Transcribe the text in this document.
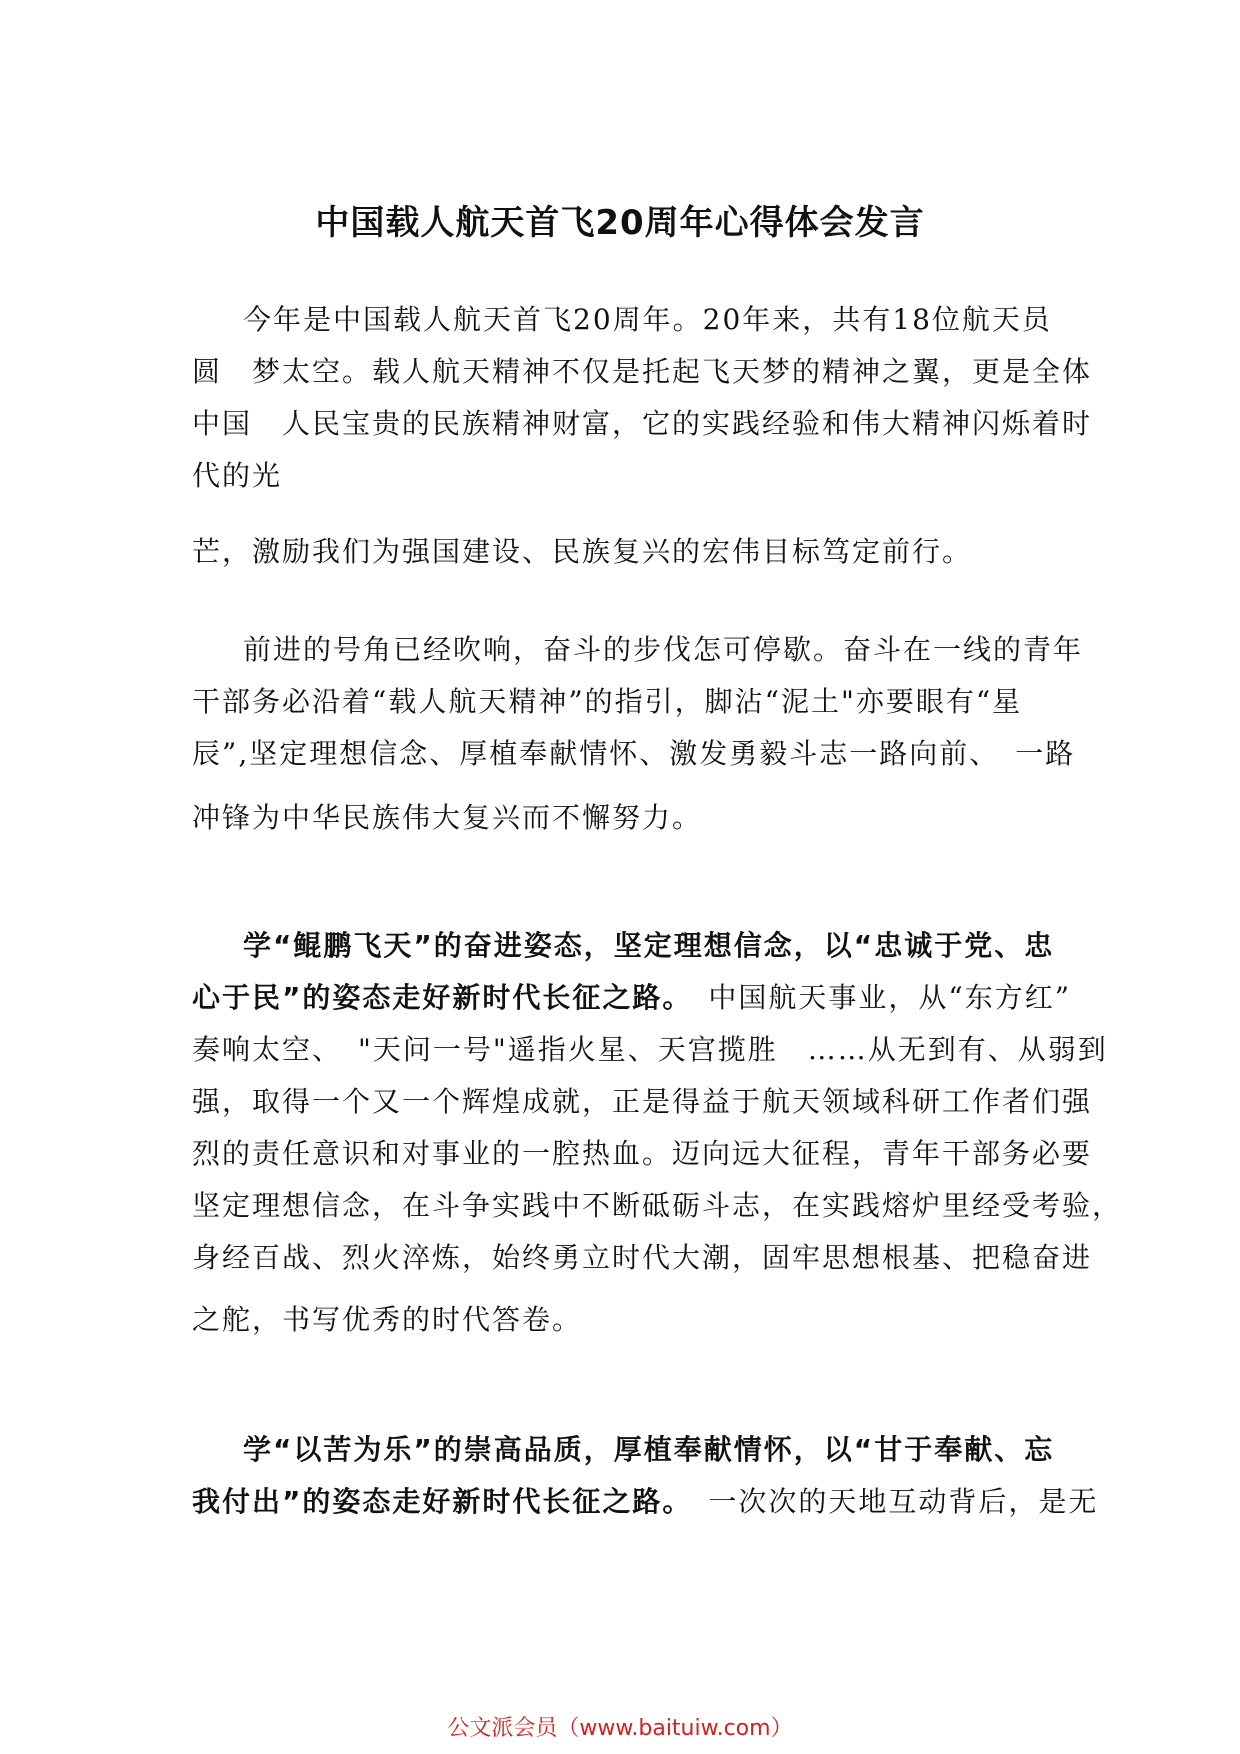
中国载人航天首飞20周年心得体会发言
今年是中国载人航天首飞20周年。20年来，共有18位航天员
圆　梦太空。载人航天精神不仅是托起飞天梦的精神之翼，更是全体
中国　人民宝贵的民族精神财富，它的实践经验和伟大精神闪烁着时
代的光
芒，激励我们为强国建设、民族复兴的宏伟目标笃定前行。
前进的号角已经吹响，奋斗的步伐怎可停歇。奋斗在一线的青年
干部务必沿着“载人航天精神”的指引，脚沾“泥土"亦要眼有“星
辰”,坚定理想信念、厚植奉献情怀、激发勇毅斗志一路向前、　一路
冲锋为中华民族伟大复兴而不懈努力。
学“鲲鹏飞天”的奋进姿态，坚定理想信念，以“忠诚于党、忠
心于民”的姿态走好新时代长征之路。　中国航天事业，从“东方红”
奏响太空、　"天问一号"遥指火星、天宫揽胜　……从无到有、从弱到
强，取得一个又一个辉煌成就，正是得益于航天领域科研工作者们强
烈的责任意识和对事业的一腔热血。迈向远大征程，青年干部务必要
坚定理想信念，在斗争实践中不断砥砺斗志，在实践熔炉里经受考验，
身经百战、烈火淬炼，始终勇立时代大潮，固牢思想根基、把稳奋进
之舵，书写优秀的时代答卷。
学“以苦为乐”的崇高品质，厚植奉献情怀，以“甘于奉献、忘
我付出”的姿态走好新时代长征之路。　一次次的天地互动背后，是无
公文派会员（www.baituiw.com）
